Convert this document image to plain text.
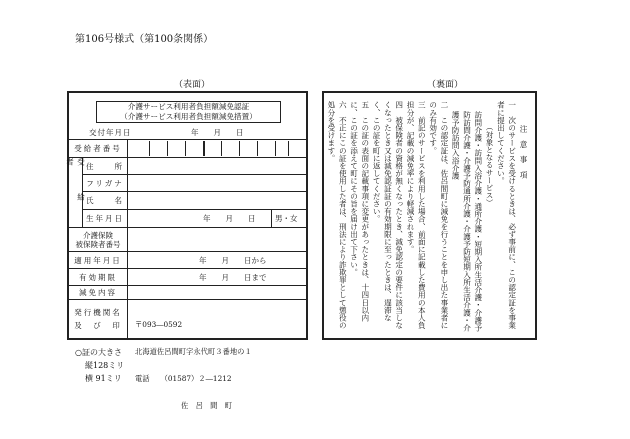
第106号様式（第100条関係）
（表面）	（裏面）
介護サービス利用者負担額減免認証
（介護サービス利用者負担額減免措置）
交付年月日	年　　月　　日
受給者番号
受　給　者	住　　所
フリガナ
氏　　名
生年月日	年　　月　　日	男・女
介護保険
被保険者番号
適用年月日	年　　月　　日から
有効期限	年　　月　　日まで
減免内容
発行機関名
及　び　印

	〒093―0592

北海道佐呂間町字永代町３番地の１

電話　　（01587）２―1212

佐　呂　間　町

注　意　事　項

一　次のサービスを受けるときは、必ず事前に、この認定証を事業者に提出してください。

（対象となるサービス）

訪問介護・訪問入浴介護・通所介護・短期入所生活介護・介護予防訪問介護・介護予防通所介護・介護予防短期入所生活介護・介護予防訪問入浴介護

二　この認定証は、佐呂間町に減免を行うことを申し出た事業者にのみ有効です。

三　前記のサービスを利用した場合、前面に記載した費用の本人負担分が、記載の減免率により軽減されます。

四　被保険者の資格が無くなったとき、減免認定の要件に該当しなくなったとき又は減免認証証の有効期限に至ったときは、遅滞なく、この証を町に返してください。

五　この証の表面の記載事項に変更があったときは、十四日以内に、この証を添えて町にその旨を届け出て下さい。

六　不正にこの証を使用した者は、刑法により詐欺罪として懲役の処分を受けます。

○証の大きさ
縦128ミリ
横 91ミリ
